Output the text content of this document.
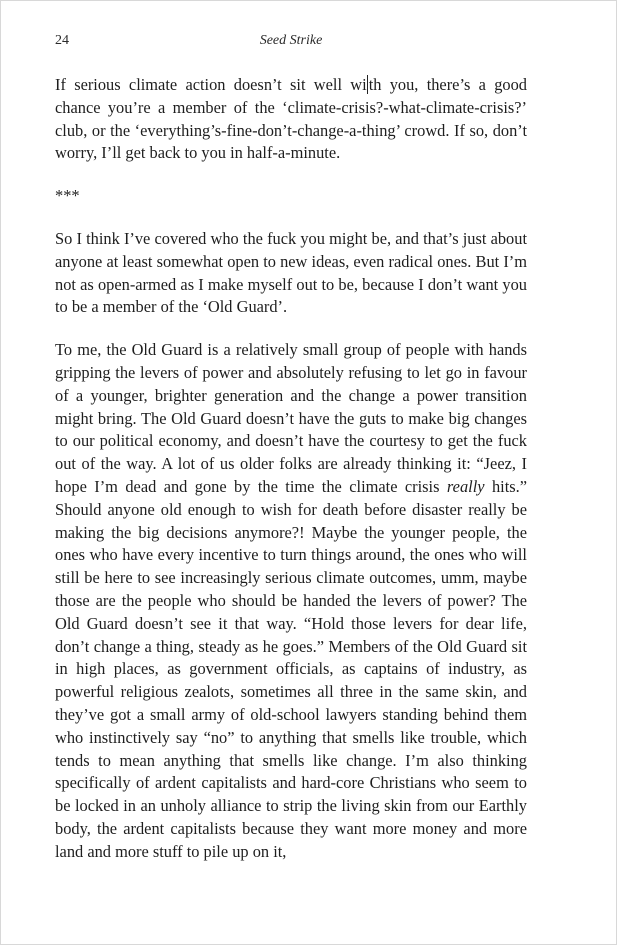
24	Seed Strike

If serious climate action doesn’t sit well wi th you, there’s a good chance you’re a member of the ‘climate-crisis?-what-climate-crisis?’ club, or the ‘everything’s-fine-don’t-change-a-thing’ crowd. If so, don’t worry, I’ll get back to you in half-a-minute.

***

So I think I’ve covered who the fuck you might be, and that’s just about anyone at least somewhat open to new ideas, even radical ones. But I’m not as open-armed as I make myself out to be, because I don’t want you to be a member of the ‘Old Guard’.

To me, the Old Guard is a relatively small group of people with hands gripping the levers of power and absolutely refusing to let go in favour of a younger, brighter generation and the change a power transition might bring. The Old Guard doesn’t have the guts to make big changes to our political economy, and doesn’t have the courtesy to get the fuck out of the way. A lot of us older folks are already thinking it: “Jeez, I hope I’m dead and gone by the time the climate crisis really hits.” Should anyone old enough to wish for death before disaster really be making the big decisions anymore?! Maybe the younger people, the ones who have every incentive to turn things around, the ones who will still be here to see increasingly serious climate outcomes, umm, maybe those are the people who should be handed the levers of power? The Old Guard doesn’t see it that way. “Hold those levers for dear life, don’t change a thing, steady as he goes.” Members of the Old Guard sit in high places, as government officials, as captains of industry, as powerful religious zealots, sometimes all three in the same skin, and they’ve got a small army of old-school lawyers standing behind them who instinctively say “no” to anything that smells like trouble, which tends to mean anything that smells like change. I’m also thinking specifically of ardent capitalists and hard-core Christians who seem to be locked in an unholy alliance to strip the living skin from our Earthly body, the ardent capitalists because they want more money and more land and more stuff to pile up on it,
